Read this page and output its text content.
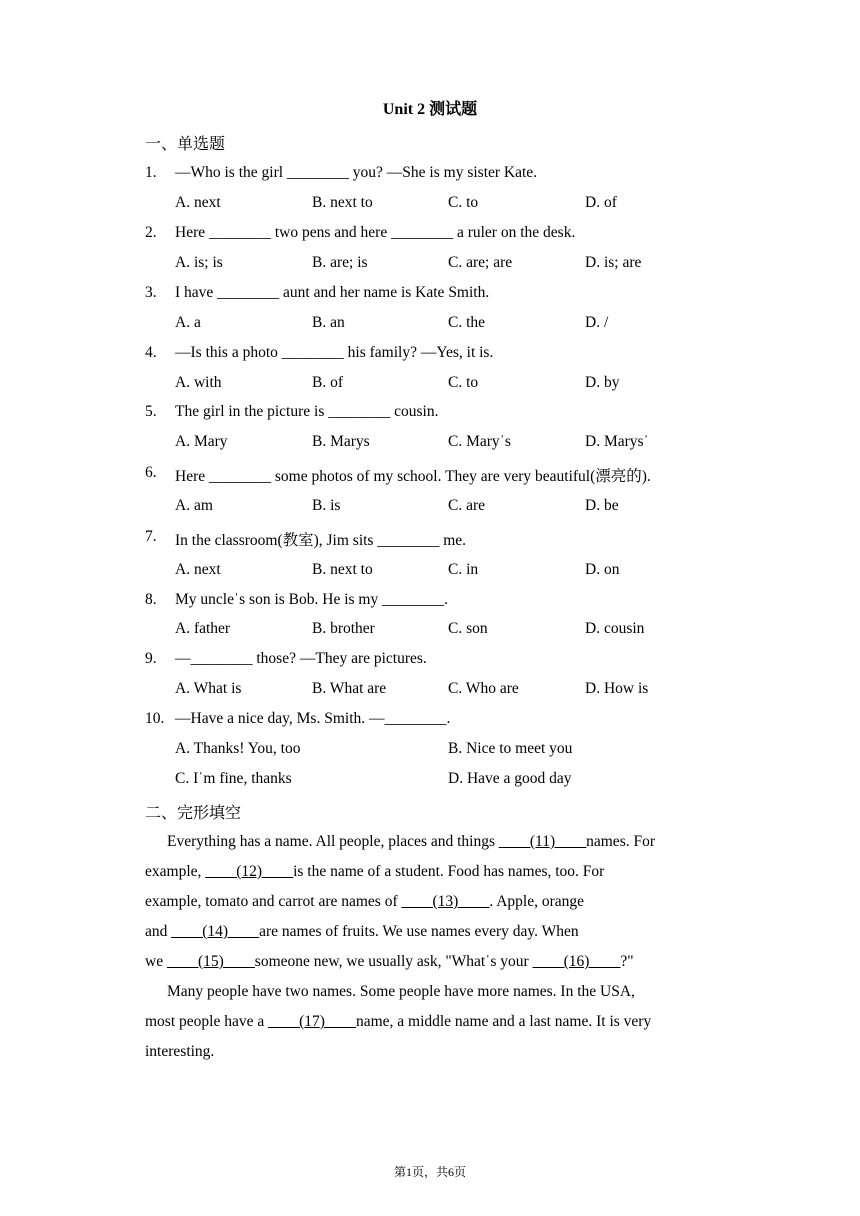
Unit 2 测试题
一、单选题
1. —Who is the girl ________ you? —She is my sister Kate.
A. next	B. next to	C. to	D. of
2. Here ________ two pens and here ________ a ruler on the desk.
A. is; is	B. are; is	C. are; are	D. is; are
3. I have ________ aunt and her name is Kate Smith.
A. a	B. an	C. the	D. /
4. —Is this a photo ________ his family? —Yes, it is.
A. with	B. of	C. to	D. by
5. The girl in the picture is ________ cousin.
A. Mary	B. Marys	C. Maryˈs	D. Marysˈ
6. Here ________ some photos of my school. They are very beautiful(漂亮的).
A. am	B. is	C. are	D. be
7. In the classroom(教室), Jim sits ________ me.
A. next	B. next to	C. in	D. on
8. My uncleˈs son is Bob. He is my ________.
A. father	B. brother	C. son	D. cousin
9. —________ those? —They are pictures.
A. What is	B. What are	C. Who are	D. How is
10. —Have a nice day, Ms. Smith. —________.
A. Thanks! You, too	B. Nice to meet you
C. Iˈm fine, thanks	D. Have a good day
二、完形填空
Everything has a name. All people, places and things ____(11)____names. For
example, ____(12)____is the name of a student. Food has names, too. For
example, tomato and carrot are names of ____(13)____. Apple, orange
and ____(14)____are names of fruits. We use names every day. When
we ____(15)____someone new, we usually ask, "Whatˈs your ____(16)____?"
Many people have two names. Some people have more names. In the USA,
most people have a ____(17)____name, a middle name and a last name. It is very
interesting.
第1页，共6页
